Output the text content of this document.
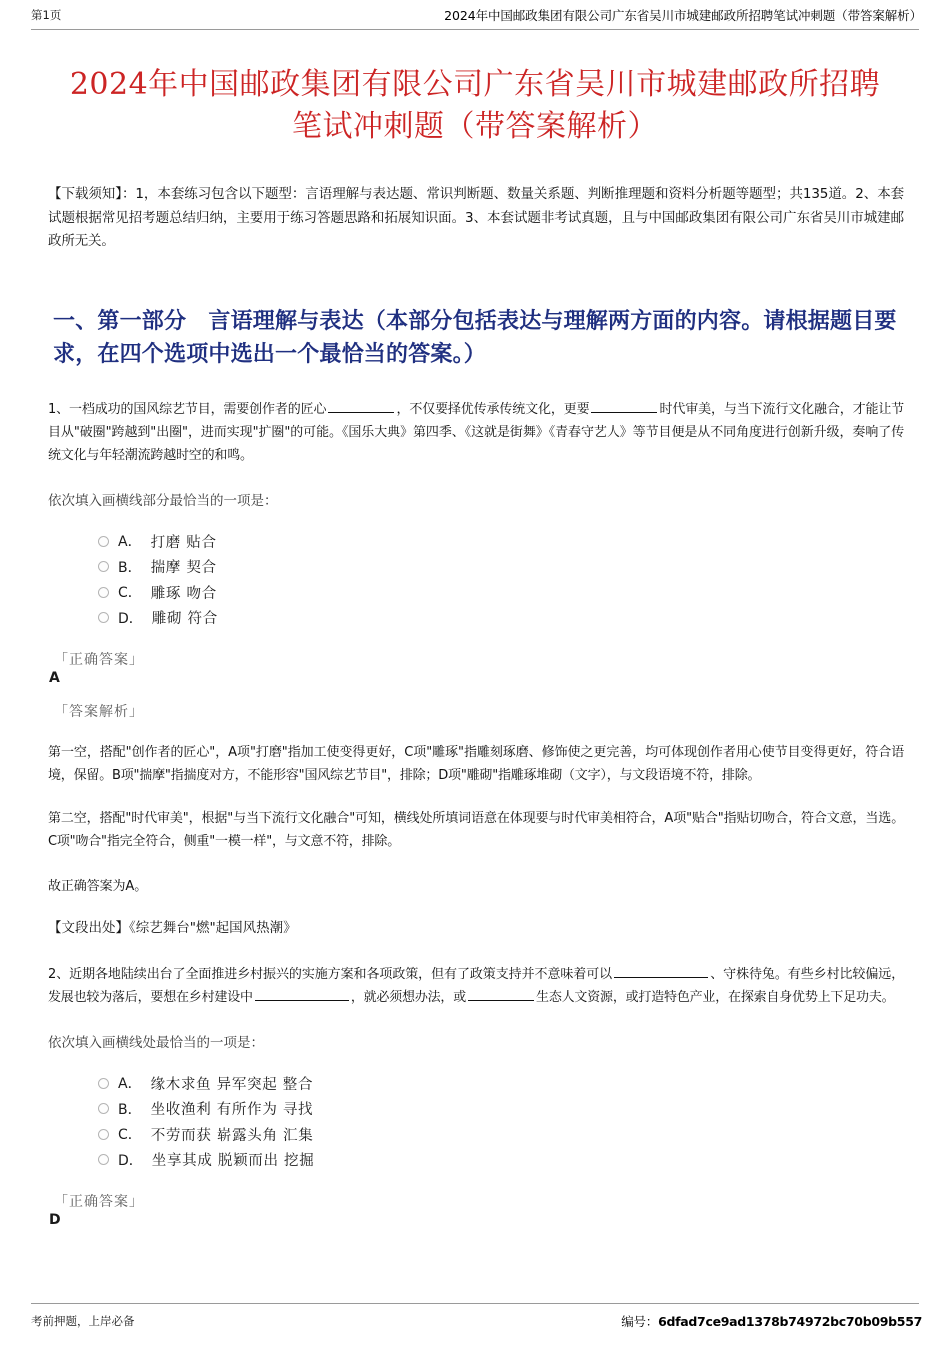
第1页	2024年中国邮政集团有限公司广东省吴川市城建邮政所招聘笔试冲刺题（带答案解析）
2024年中国邮政集团有限公司广东省吴川市城建邮政所招聘笔试冲刺题（带答案解析）

【下载须知】：1，本套练习包含以下题型：言语理解与表达题、常识判断题、数量关系题、判断推理题和资料分析题等题型；共135道。2、本套试题根据常见招考题总结归纳，主要用于练习答题思路和拓展知识面。3、本套试题非考试真题，且与中国邮政集团有限公司广东省吴川市城建邮政所无关。

一、第一部分　言语理解与表达（本部分包括表达与理解两方面的内容。请根据题目要求，在四个选项中选出一个最恰当的答案。）
1、一档成功的国风综艺节目，需要创作者的匠心	，不仅要择优传承传统文化，更要	时代审美，与当下流行文化融合，才能让节目从"破圈"跨越到"出圈"，进而实现"扩圈"的可能。《国乐大典》第四季、《这就是街舞》《青春守艺人》等节目便是从不同角度进行创新升级，奏响了传统文化与年轻潮流跨越时空的和鸣。
依次填入画横线部分最恰当的一项是：
A． 打磨 贴合
B． 揣摩 契合
C． 雕琢 吻合
D． 雕砌 符合
「正确答案」
A
「答案解析」

第一空，搭配"创作者的匠心"，A项"打磨"指加工使变得更好，C项"雕琢"指雕刻琢磨、修饰使之更完善，均可体现创作者用心使节目变得更好，符合语境，保留。B项"揣摩"指揣度对方，不能形容"国风综艺节目"，排除；D项"雕砌"指雕琢堆砌（文字），与文段语境不符，排除。

第二空，搭配"时代审美"，根据"与当下流行文化融合"可知，横线处所填词语意在体现要与时代审美相符合，A项"贴合"指贴切吻合，符合文意，当选。C项"吻合"指完全符合，侧重"一模一样"，与文意不符，排除。

故正确答案为A。
【文段出处】《综艺舞台"燃"起国风热潮》
2、近期各地陆续出台了全面推进乡村振兴的实施方案和各项政策，但有了政策支持并不意味着可以	、守株待兔。有些乡村比较偏远，发展也较为落后，要想在乡村建设中	，就必须想办法，或	生态人文资源，或打造特色产业，在探索自身优势上下足功夫。
依次填入画横线处最恰当的一项是：
A． 缘木求鱼 异军突起 整合
B． 坐收渔利 有所作为 寻找
C． 不劳而获 崭露头角 汇集
D． 坐享其成 脱颖而出 挖掘
「正确答案」
D
考前押题，上岸必备	编号：6dfad7ce9ad1378b74972bc70b09b557
